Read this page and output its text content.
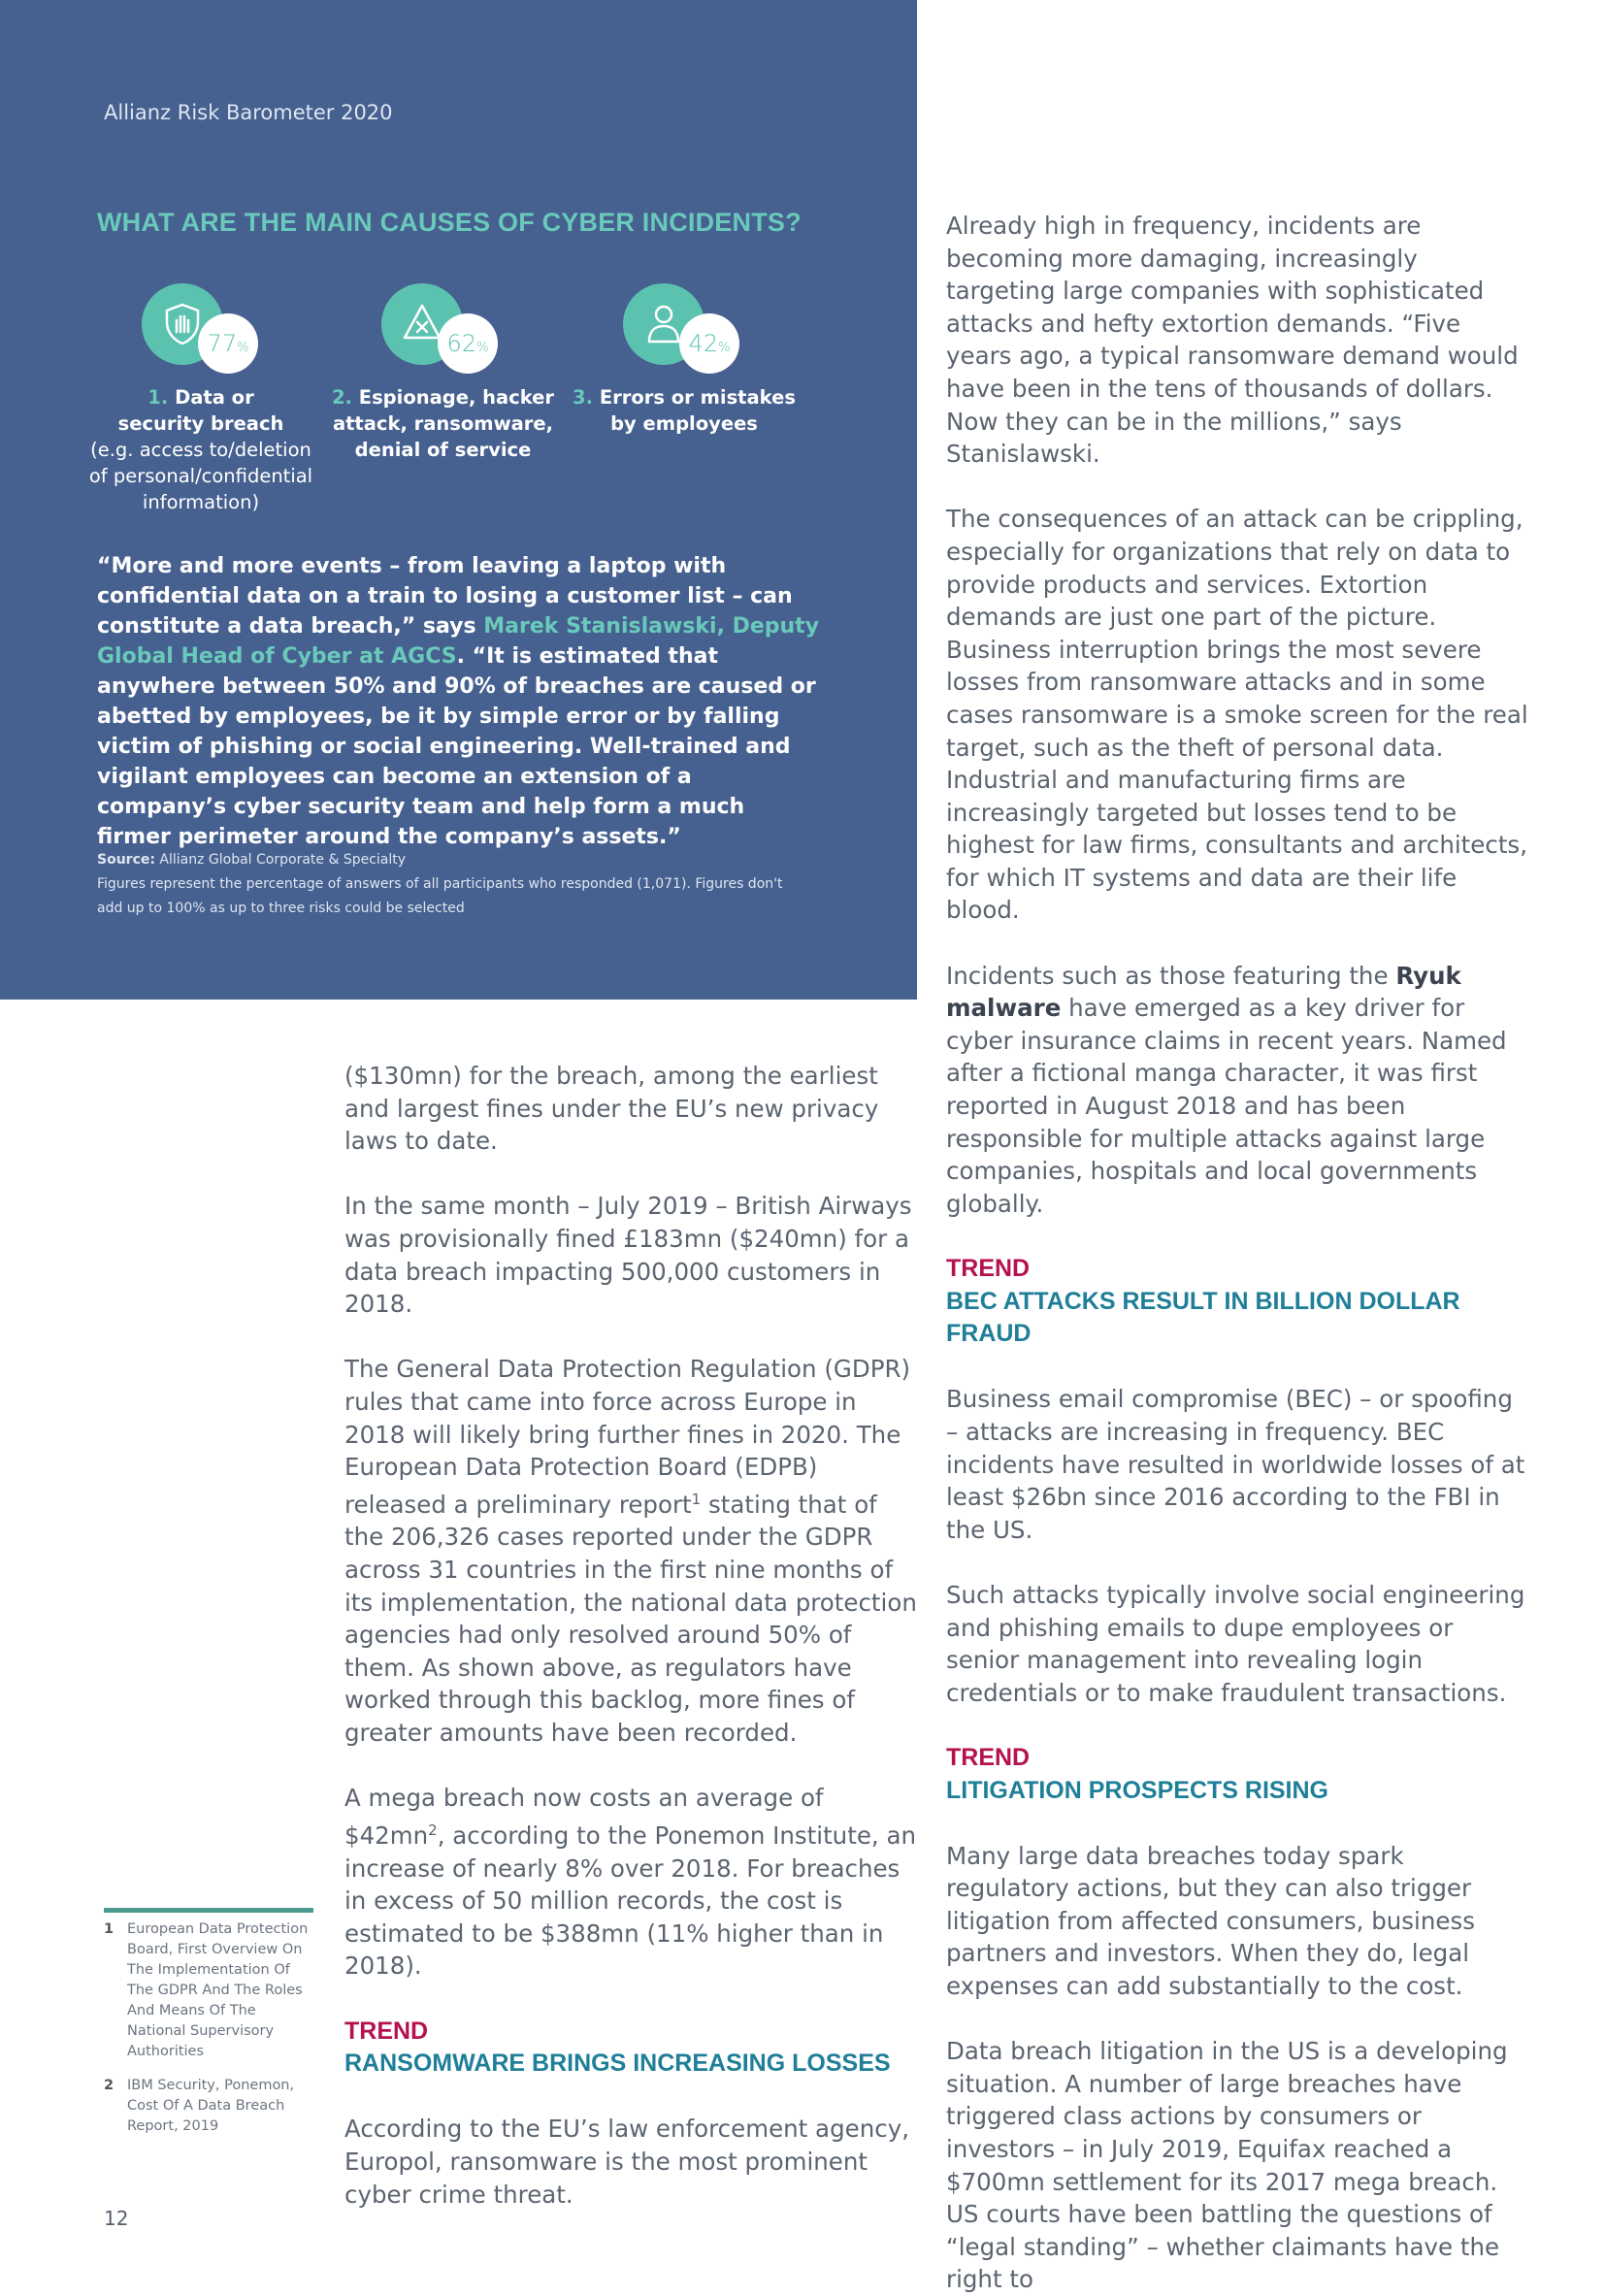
Allianz Risk Barometer 2020
WHAT ARE THE MAIN CAUSES OF CYBER INCIDENTS?
77 %
1. Data or
security breach
(e.g. access to/deletion
of personal/confidential
information)
62 %
2. Espionage, hacker
attack, ransomware,
denial of service
42 %
3. Errors or mistakes
by employees
“More and more events – from leaving a laptop with confidential data on a train to losing a customer list – can constitute a data breach,” says Marek Stanislawski, Deputy Global Head of Cyber at AGCS. “It is estimated that anywhere between 50% and 90% of breaches are caused or abetted by employees, be it by simple error or by falling victim of phishing or social engineering. Well-trained and vigilant employees can become an extension of a company’s cyber security team and help form a much firmer perimeter around the company’s assets.”
Source: Allianz Global Corporate & Specialty
Figures represent the percentage of answers of all participants who responded (1,071). Figures don't add up to 100% as up to three risks could be selected

($130mn) for the breach, among the earliest and largest fines under the EU’s new privacy laws to date.

In the same month – July 2019 – British Airways was provisionally fined £183mn ($240mn) for a data breach impacting 500,000 customers in 2018.

The General Data Protection Regulation (GDPR) rules that came into force across Europe in 2018 will likely bring further fines in 2020. The European Data Protection Board (EDPB) released a preliminary report$^1$ stating that of the 206,326 cases reported under the GDPR across 31 countries in the first nine months of its implementation, the national data protection agencies had only resolved around 50% of them. As shown above, as regulators have worked through this backlog, more fines of greater amounts have been recorded.

A mega breach now costs an average of $\$42mn^2$, according to the Ponemon Institute, an increase of nearly 8% over 2018. For breaches in excess of 50 million records, the cost is estimated to be $388mn (11% higher than in 2018).

TREND
RANSOMWARE BRINGS INCREASING LOSSES

According to the EU’s law enforcement agency, Europol, ransomware is the most prominent cyber crime threat.

Already high in frequency, incidents are becoming more damaging, increasingly targeting large companies with sophisticated attacks and hefty extortion demands. “Five years ago, a typical ransomware demand would have been in the tens of thousands of dollars. Now they can be in the millions,” says Stanislawski.

The consequences of an attack can be crippling, especially for organizations that rely on data to provide products and services. Extortion demands are just one part of the picture. Business interruption brings the most severe losses from ransomware attacks and in some cases ransomware is a smoke screen for the real target, such as the theft of personal data. Industrial and manufacturing firms are increasingly targeted but losses tend to be highest for law firms, consultants and architects, for which IT systems and data are their life blood.

Incidents such as those featuring the Ryuk malware have emerged as a key driver for cyber insurance claims in recent years. Named after a fictional manga character, it was first reported in August 2018 and has been responsible for multiple attacks against large companies, hospitals and local governments globally.

TREND
BEC ATTACKS RESULT IN BILLION DOLLAR FRAUD

Business email compromise (BEC) – or spoofing – attacks are increasing in frequency. BEC incidents have resulted in worldwide losses of at least $26bn since 2016 according to the FBI in the US.

Such attacks typically involve social engineering and phishing emails to dupe employees or senior management into revealing login credentials or to make fraudulent transactions.

TREND
LITIGATION PROSPECTS RISING

Many large data breaches today spark regulatory actions, but they can also trigger litigation from affected consumers, business partners and investors. When they do, legal expenses can add substantially to the cost.

Data breach litigation in the US is a developing situation. A number of large breaches have triggered class actions by consumers or investors – in July 2019, Equifax reached a $700mn settlement for its 2017 mega breach. US courts have been battling the questions of “legal standing” – whether claimants have the right to

1 European Data Protection Board, First Overview On The Implementation Of The GDPR And The Roles And Means Of The National Supervisory Authorities
2 IBM Security, Ponemon, Cost Of A Data Breach Report, 2019
12
